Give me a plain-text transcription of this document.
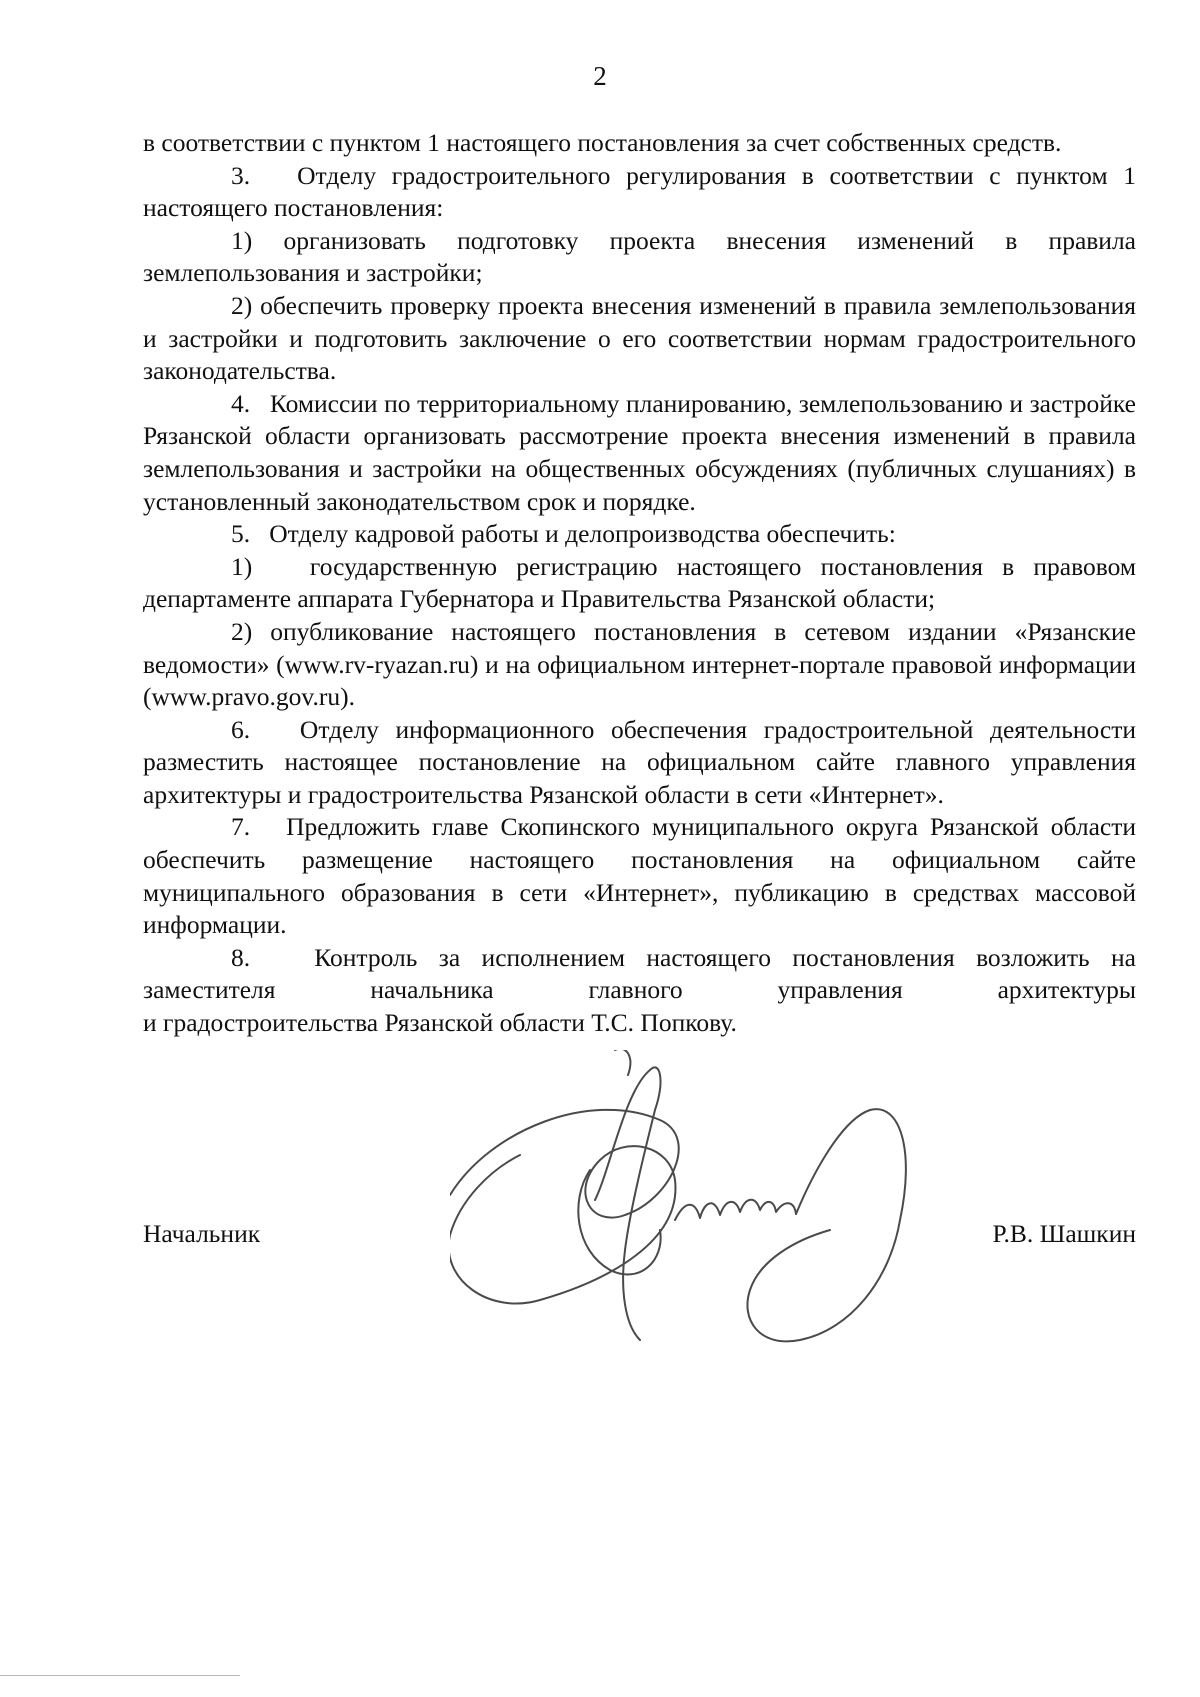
2

в соответствии с пунктом 1 настоящего постановления за счет собственных средств.

3.   Отделу градостроительного регулирования в соответствии с пунктом 1 настоящего постановления:

1) организовать подготовку проекта внесения изменений в правила землепользования и застройки;

2) обеспечить проверку проекта внесения изменений в правила землепользования и застройки и подготовить заключение о его соответствии нормам градостроительного законодательства.

4.   Комиссии по территориальному планированию, землепользованию и застройке Рязанской области организовать рассмотрение проекта внесения изменений в правила землепользования и застройки на общественных обсуждениях (публичных слушаниях) в установленный законодательством срок и порядке.

5.   Отделу кадровой работы и делопроизводства обеспечить:

1)   государственную регистрацию настоящего постановления в правовом департаменте аппарата Губернатора и Правительства Рязанской области;

2) опубликование настоящего постановления в сетевом издании «Рязанские ведомости» (www.rv-ryazan.ru) и на официальном интернет-портале правовой информации (www.pravo.gov.ru).

6.   Отделу информационного обеспечения градостроительной деятельности разместить настоящее постановление на официальном сайте главного управления архитектуры и градостроительства Рязанской области в сети «Интернет».

7.   Предложить главе Скопинского муниципального округа Рязанской области обеспечить размещение настоящего постановления на официальном сайте муниципального образования в сети «Интернет», публикацию в средствах массовой информации.

8.   Контроль за исполнением настоящего постановления возложить на заместителя начальника главного управления архитектуры

и градостроительства Рязанской области Т.С. Попкову.

Начальник	Р.В. Шашкин
